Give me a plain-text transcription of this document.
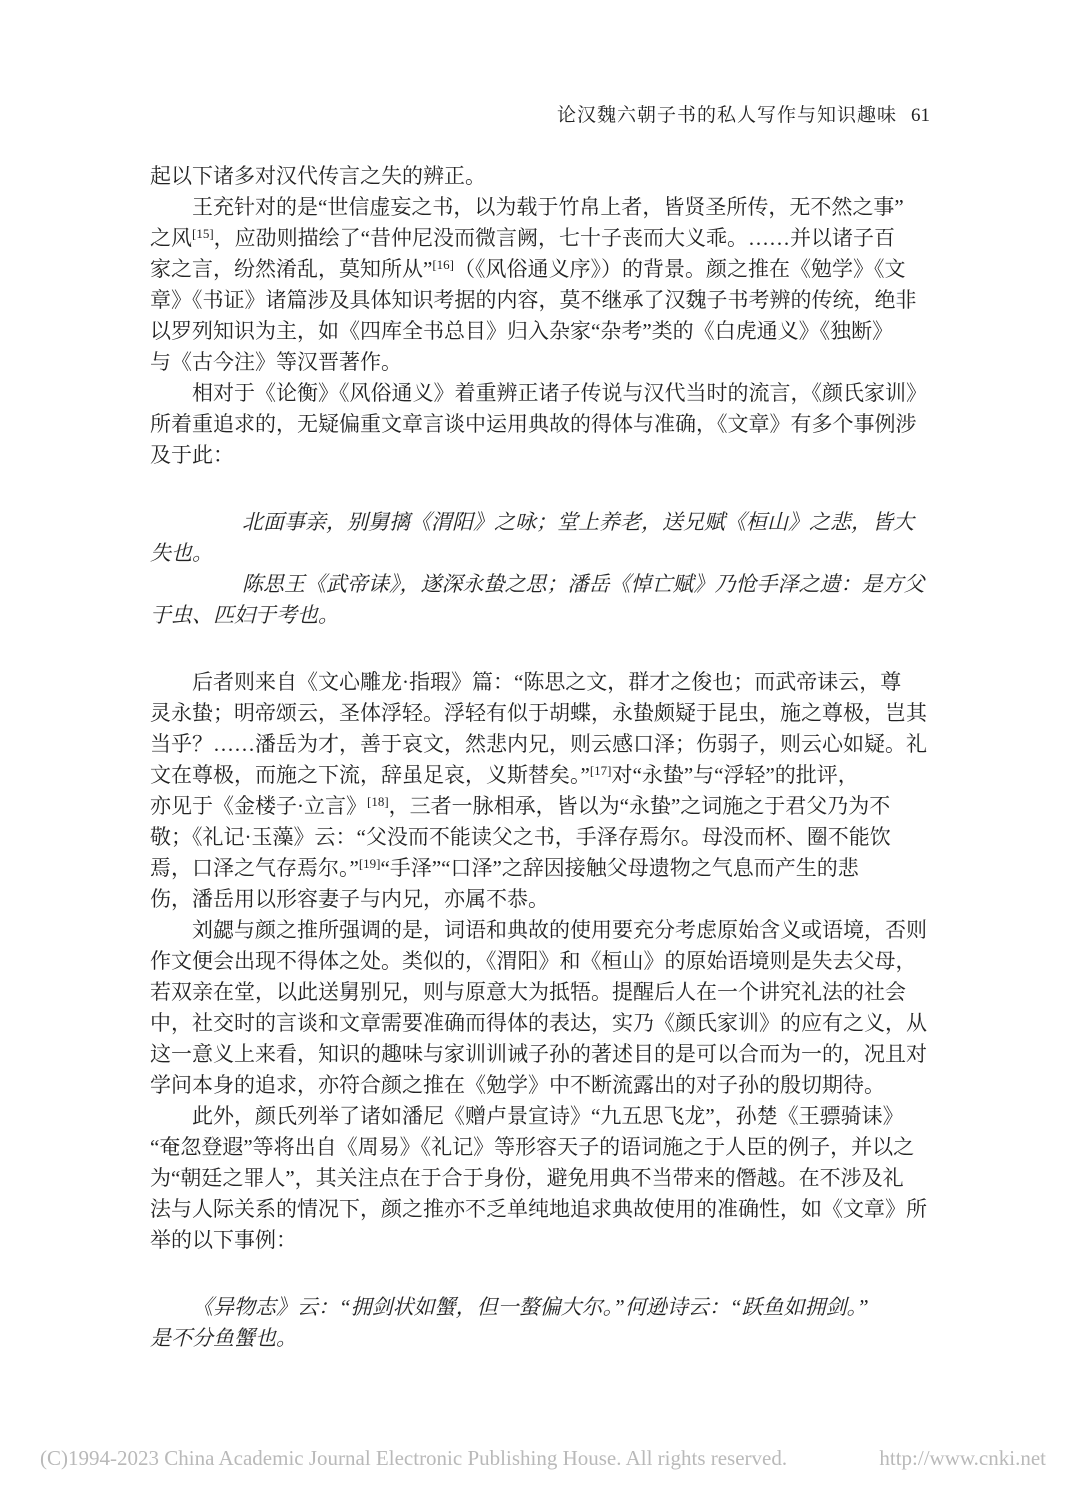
论汉魏六朝子书的私人写作与知识趣味 61
起以下诸多对汉代传言之失的辨正。
王充针对的是“世信虚妄之书，以为载于竹帛上者，皆贤圣所传，无不然之事”
之风[15]，应劭则描绘了“昔仲尼没而微言阙，七十子丧而大义乖。……并以诸子百
家之言，纷然淆乱，莫知所从”[16]（《风俗通义序》）的背景。颜之推在《勉学》《文
章》《书证》诸篇涉及具体知识考据的内容，莫不继承了汉魏子书考辨的传统，绝非
以罗列知识为主，如《四库全书总目》归入杂家“杂考”类的《白虎通义》《独断》
与《古今注》等汉晋著作。
相对于《论衡》《风俗通义》着重辨正诸子传说与汉代当时的流言，《颜氏家训》
所着重追求的，无疑偏重文章言谈中运用典故的得体与准确，《文章》有多个事例涉
及于此：
北面事亲，别舅摛《渭阳》之咏；堂上养老，送兄赋《桓山》之悲，皆大
失也。
陈思王《武帝诔》，遂深永蛰之思；潘岳《悼亡赋》乃怆手泽之遗：是方父
于虫、匹妇于考也。
后者则来自《文心雕龙·指瑕》篇：“陈思之文，群才之俊也；而武帝诔云，尊
灵永蛰；明帝颂云，圣体浮轻。浮轻有似于胡蝶，永蛰颇疑于昆虫，施之尊极，岂其
当乎？……潘岳为才，善于哀文，然悲内兄，则云感口泽；伤弱子，则云心如疑。礼
文在尊极，而施之下流，辞虽足哀，义斯替矣。”[17]对“永蛰”与“浮轻”的批评，
亦见于《金楼子·立言》[18]，三者一脉相承，皆以为“永蛰”之词施之于君父乃为不
敬；《礼记·玉藻》云：“父没而不能读父之书，手泽存焉尔。母没而杯、圈不能饮
焉，口泽之气存焉尔。”[19]“手泽”“口泽”之辞因接触父母遗物之气息而产生的悲
伤，潘岳用以形容妻子与内兄，亦属不恭。
刘勰与颜之推所强调的是，词语和典故的使用要充分考虑原始含义或语境，否则
作文便会出现不得体之处。类似的，《渭阳》和《桓山》的原始语境则是失去父母，
若双亲在堂，以此送舅别兄，则与原意大为抵牾。提醒后人在一个讲究礼法的社会
中，社交时的言谈和文章需要准确而得体的表达，实乃《颜氏家训》的应有之义，从
这一意义上来看，知识的趣味与家训训诫子孙的著述目的是可以合而为一的，况且对
学问本身的追求，亦符合颜之推在《勉学》中不断流露出的对子孙的殷切期待。
此外，颜氏列举了诸如潘尼《赠卢景宣诗》“九五思飞龙”，孙楚《王骠骑诔》
“奄忽登遐”等将出自《周易》《礼记》等形容天子的语词施之于人臣的例子，并以之
为“朝廷之罪人”，其关注点在于合于身份，避免用典不当带来的僭越。在不涉及礼
法与人际关系的情况下，颜之推亦不乏单纯地追求典故使用的准确性，如《文章》所
举的以下事例：
《异物志》云：“拥剑状如蟹，但一螯偏大尔。”何逊诗云：“跃鱼如拥剑。”
是不分鱼蟹也。
(C)1994-2023 China Academic Journal Electronic Publishing House. All rights reserved.	http://www.cnki.net
